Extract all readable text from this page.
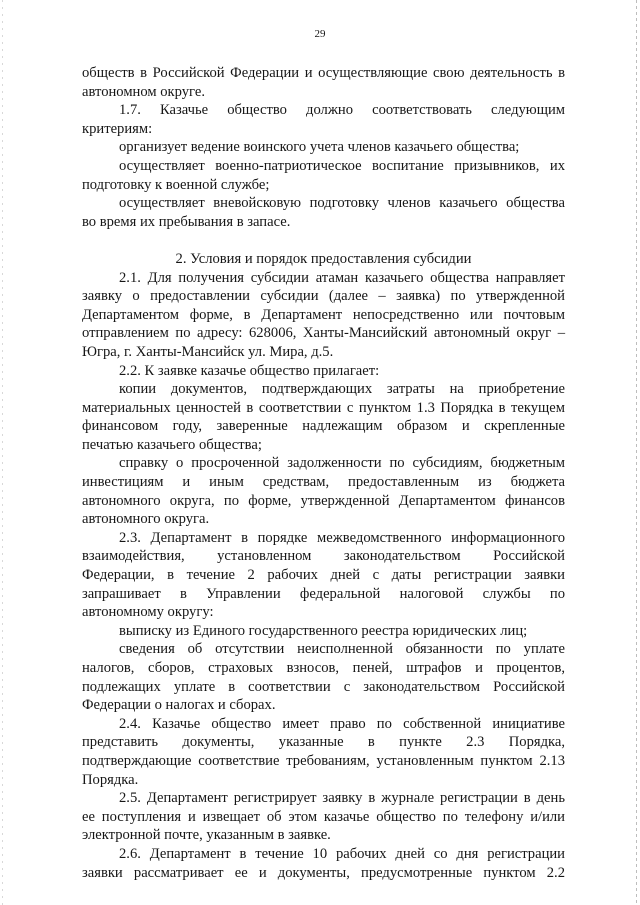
29
обществ в Российской Федерации и осуществляющие свою деятельность в
автономном округе.
1.7. Казачье общество должно соответствовать следующим
критериям:
организует ведение воинского учета членов казачьего общества;
осуществляет военно-патриотическое воспитание призывников, их
подготовку к военной службе;
осуществляет вневойсковую подготовку членов казачьего общества
во время их пребывания в запасе.
2. Условия и порядок предоставления субсидии
2.1. Для получения субсидии атаман казачьего общества направляет
заявку о предоставлении субсидии (далее – заявка) по утвержденной
Департаментом форме, в Департамент непосредственно или почтовым
отправлением по адресу: 628006, Ханты-Мансийский автономный округ –
Югра, г. Ханты-Мансийск ул. Мира, д.5.
2.2. К заявке казачье общество прилагает:
копии документов, подтверждающих затраты на приобретение
материальных ценностей в соответствии с пунктом 1.3 Порядка в текущем
финансовом году, заверенные надлежащим образом и скрепленные
печатью казачьего общества;
справку о просроченной задолженности по субсидиям, бюджетным
инвестициям и иным средствам, предоставленным из бюджета
автономного округа, по форме, утвержденной Департаментом финансов
автономного округа.
2.3. Департамент в порядке межведомственного информационного
взаимодействия, установленном законодательством Российской
Федерации, в течение 2 рабочих дней с даты регистрации заявки
запрашивает в Управлении федеральной налоговой службы по
автономному округу:
выписку из Единого государственного реестра юридических лиц;
сведения об отсутствии неисполненной обязанности по уплате
налогов, сборов, страховых взносов, пеней, штрафов и процентов,
подлежащих уплате в соответствии с законодательством Российской
Федерации о налогах и сборах.
2.4. Казачье общество имеет право по собственной инициативе
представить документы, указанные в пункте 2.3 Порядка,
подтверждающие соответствие требованиям, установленным пунктом 2.13
Порядка.
2.5. Департамент регистрирует заявку в журнале регистрации в день
ее поступления и извещает об этом казачье общество по телефону и/или
электронной почте, указанным в заявке.
2.6. Департамент в течение 10 рабочих дней со дня регистрации
заявки рассматривает ее и документы, предусмотренные пунктом 2.2
